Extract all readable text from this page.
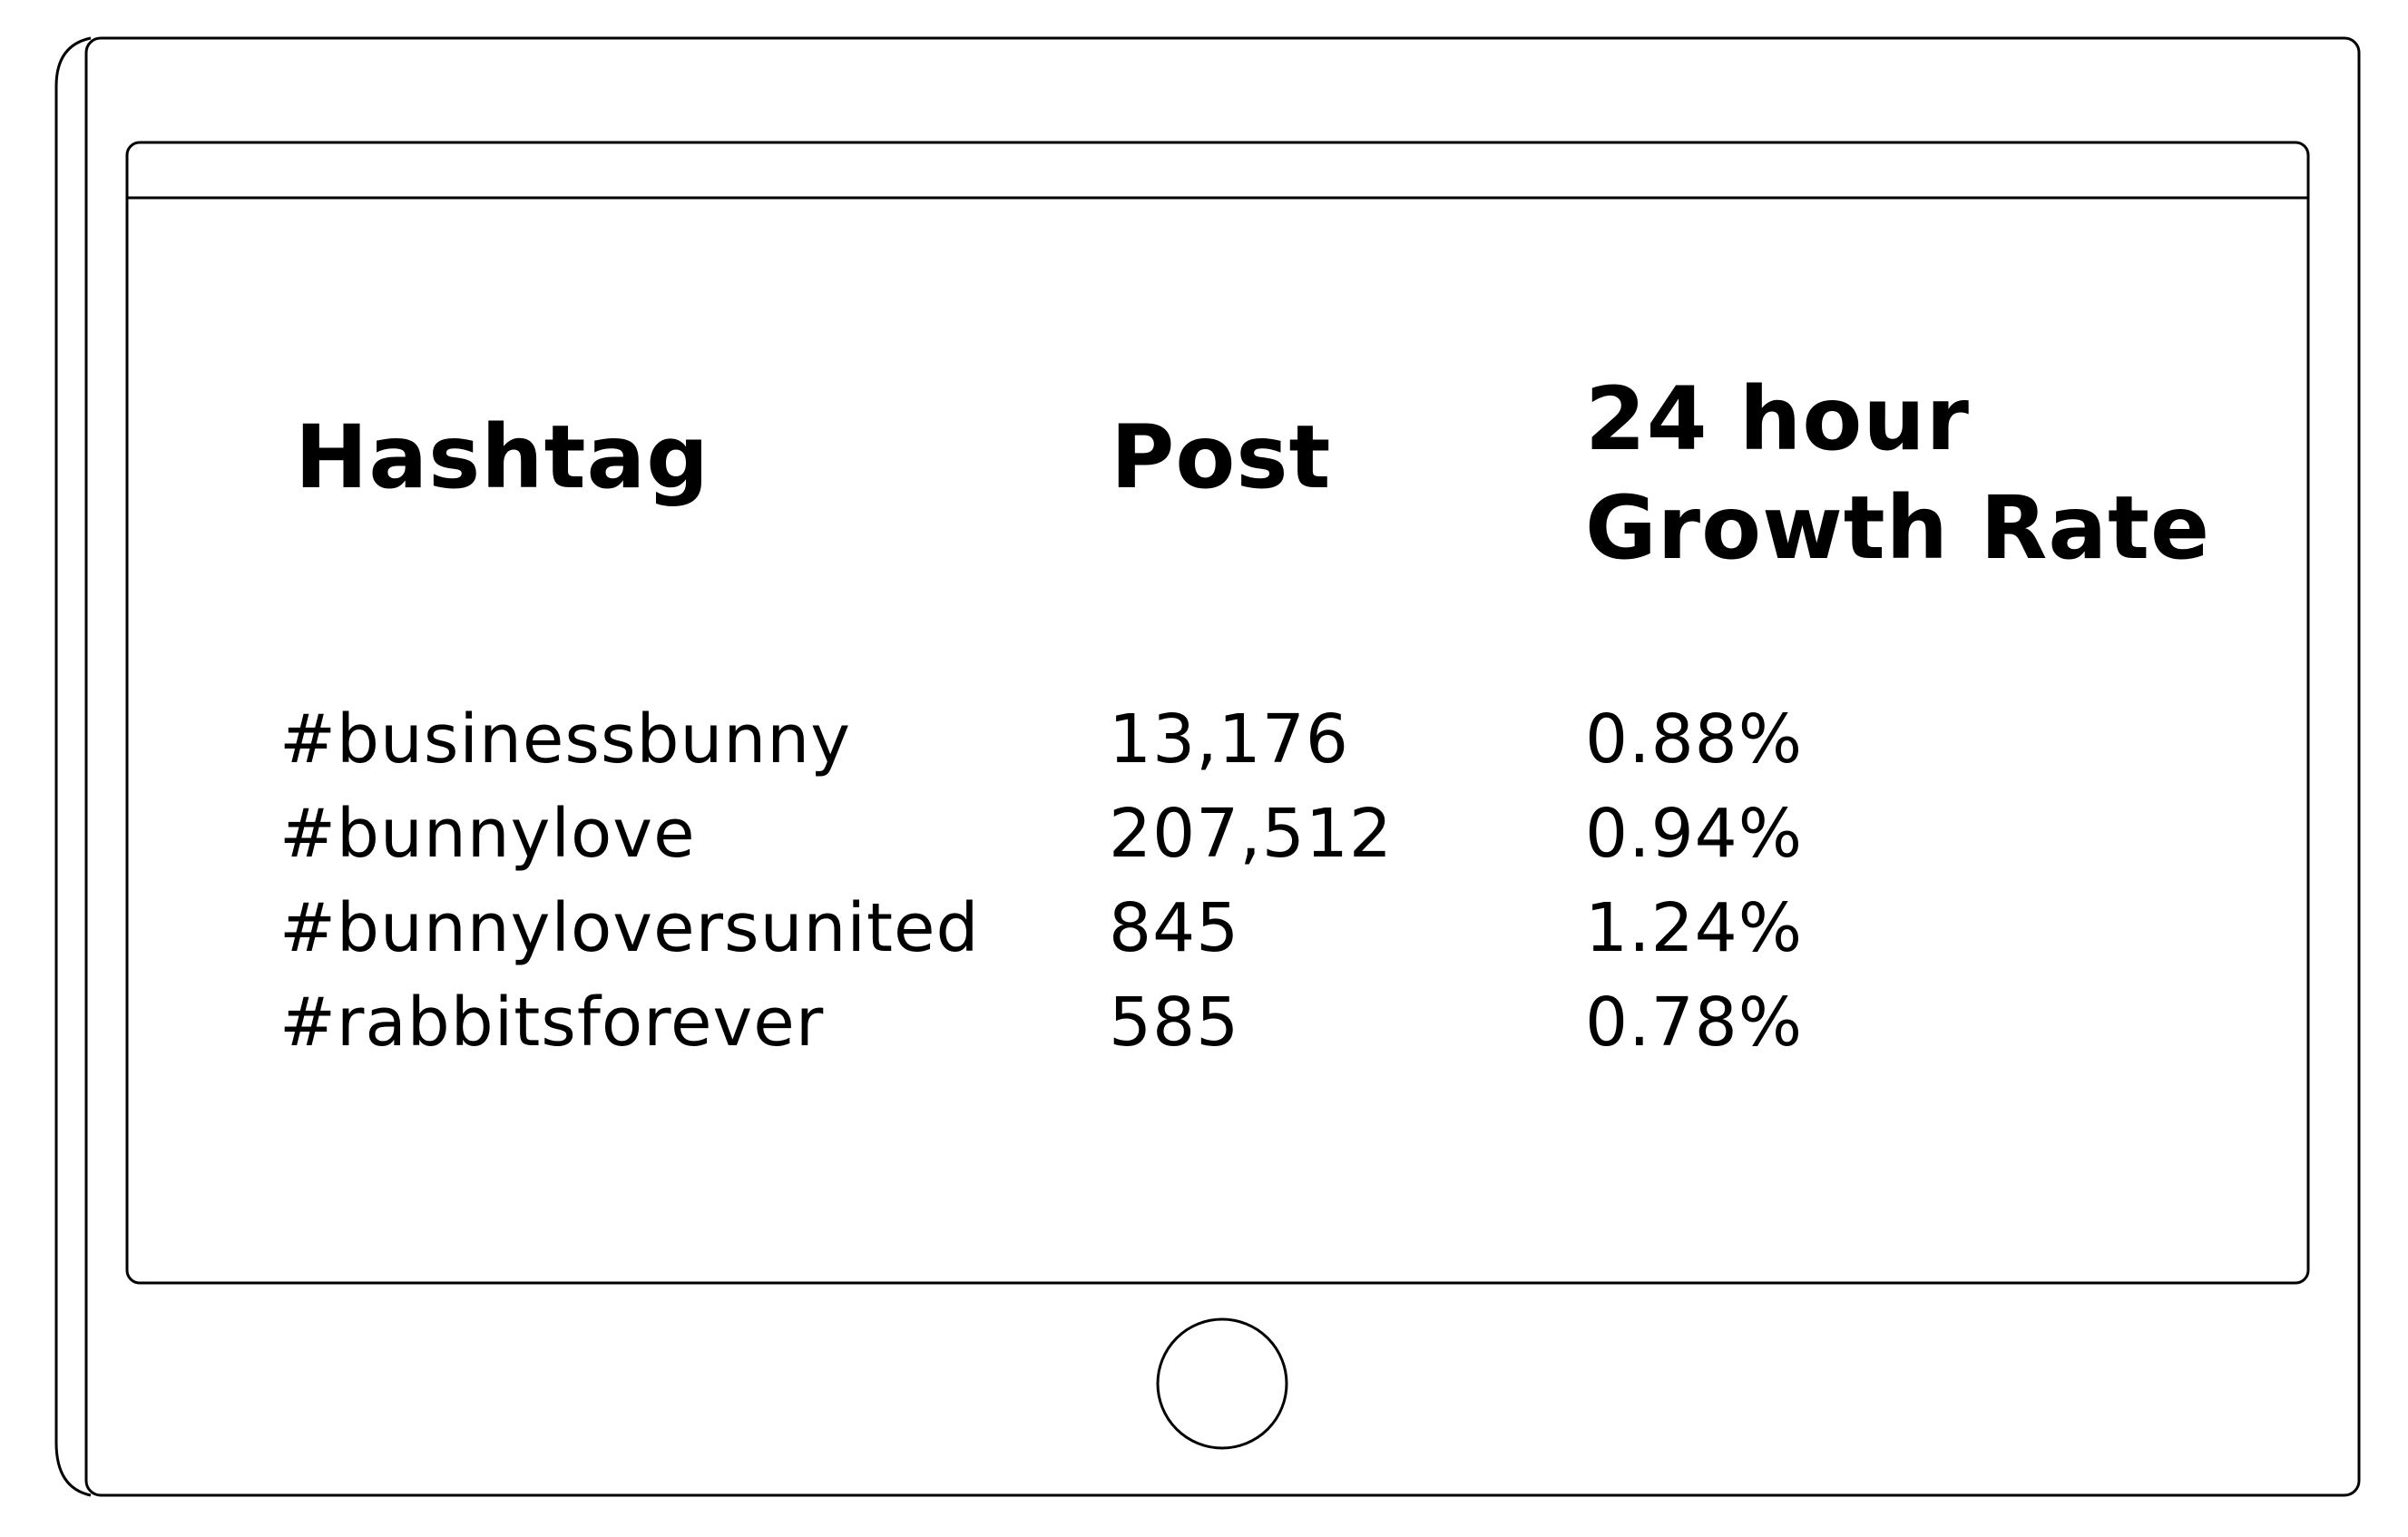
Hashtag	Post	24 hour
Growth Rate
#businessbunny	13,176	0.88%
#bunnylove	207,512	0.94%
#bunnyloversunited 845	1.24%
#rabbitsforever	585	0.78%
